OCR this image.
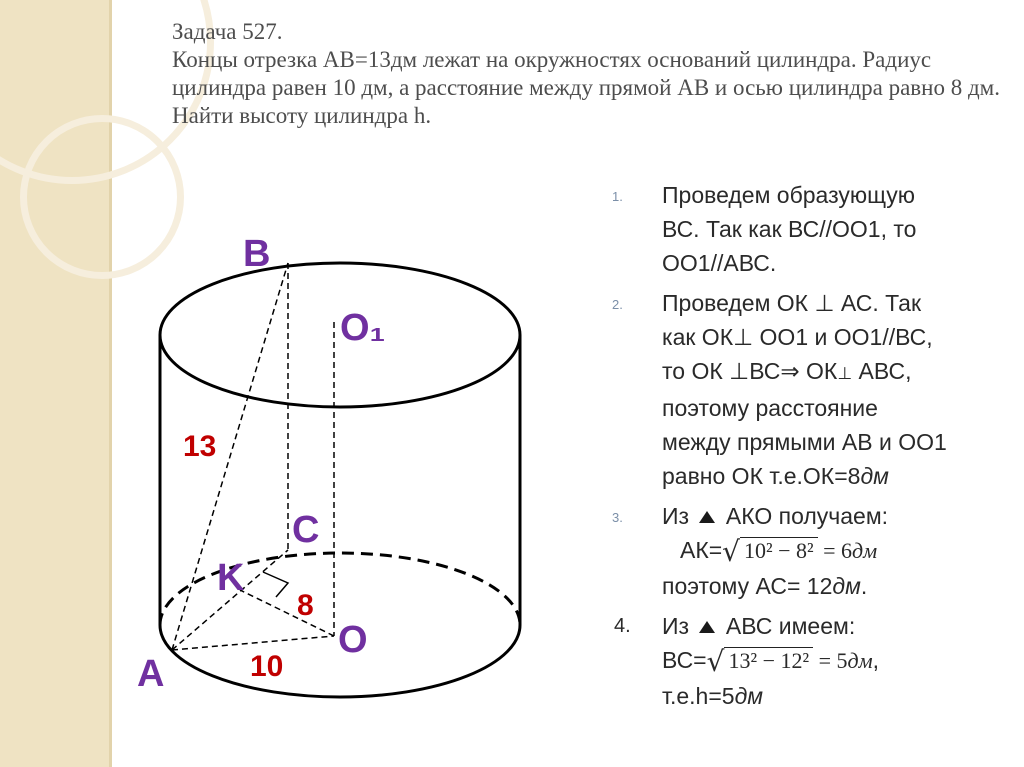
Задача 527.
Концы отрезка АВ=13дм лежат на окружностях оснований цилиндра. Радиус цилиндра равен 10 дм, а расстояние между прямой АВ и осью цилиндра равно 8 дм. Найти высоту цилиндра h.
B
O₁
C
K
O
A
13
8
10
1. Проведем образующую
ВС. Так как ВС//ОО1, то
ОО1//АВС.
2. Проведем ОК ⊥ АС. Так
как ОК⊥ ОО1 и ОО1//ВС,
то ОК ⊥ВС⇒ ОК⊥ АВС,
поэтому расстояние
между прямыми АВ и ОО1
равно ОК т.е.ОК=8дм
3. Из  АКО получаем:
АК=√ 10² − 8² = 6дм
поэтому АС= 12дм.
4. Из  АВС имеем:
ВС=√ 13² − 12² = 5дм,
т.е.h=5дм
